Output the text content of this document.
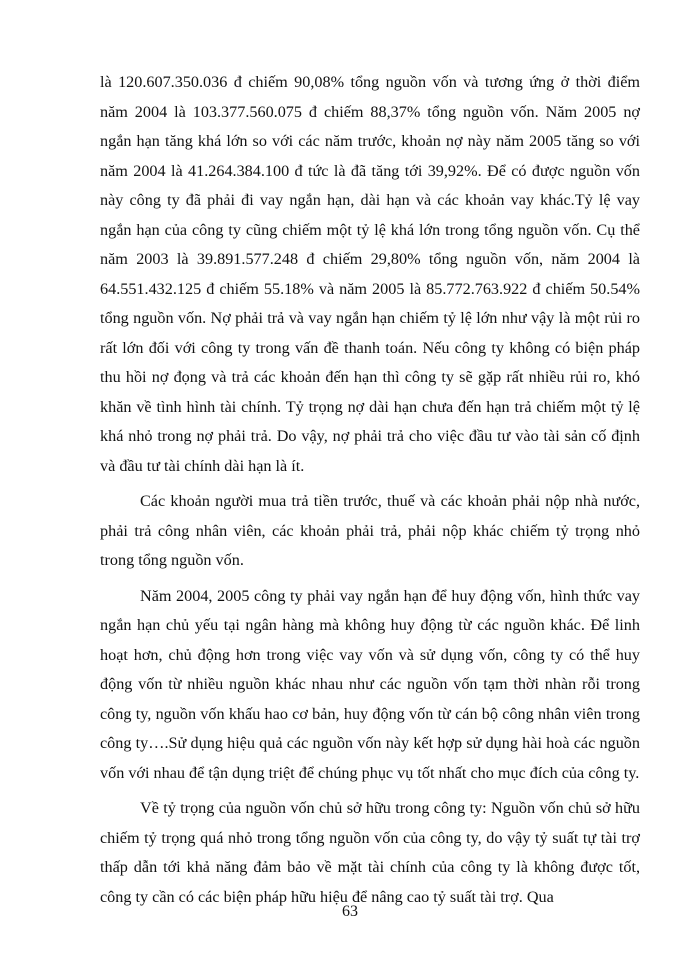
là 120.607.350.036 đ chiếm 90,08% tổng nguồn vốn và tương ứng ở thời điểm năm 2004 là 103.377.560.075 đ chiếm 88,37% tổng nguồn vốn. Năm 2005 nợ ngắn hạn tăng khá lớn so với các năm trước, khoản nợ này năm 2005 tăng so với năm 2004 là 41.264.384.100 đ tức là đã tăng tới 39,92%. Để có được nguồn vốn này công ty đã phải đi vay ngắn hạn, dài hạn và các khoản vay khác.Tỷ lệ vay ngắn hạn của công ty cũng chiếm một tỷ lệ khá lớn trong tổng nguồn vốn. Cụ thể năm 2003 là 39.891.577.248 đ chiếm 29,80% tổng nguồn vốn, năm 2004 là 64.551.432.125 đ chiếm 55.18% và năm 2005 là 85.772.763.922 đ chiếm 50.54% tổng nguồn vốn. Nợ phải trả và vay ngắn hạn chiếm tỷ lệ lớn như vậy là một rủi ro rất lớn đối với công ty trong vấn đề thanh toán. Nếu công ty không có biện pháp thu hồi nợ đọng và trả các khoản đến hạn thì công ty sẽ gặp rất nhiều rủi ro, khó khăn về tình hình tài chính. Tỷ trọng nợ dài hạn chưa đến hạn trả chiếm một tỷ lệ khá nhỏ trong nợ phải trả. Do vậy, nợ phải trả cho việc đầu tư vào tài sản cố định và đầu tư tài chính dài hạn là ít.

Các khoản người mua trả tiền trước, thuế và các khoản phải nộp nhà nước, phải trả công nhân viên, các khoản phải trả, phải nộp khác chiếm tỷ trọng nhỏ trong tổng nguồn vốn.

Năm 2004, 2005 công ty phải vay ngắn hạn để huy động vốn, hình thức vay ngắn hạn chủ yếu tại ngân hàng mà không huy động từ các nguồn khác. Để linh hoạt hơn, chủ động hơn trong việc vay vốn và sử dụng vốn, công ty có thể huy động vốn từ nhiều nguồn khác nhau như các nguồn vốn tạm thời nhàn rỗi trong công ty, nguồn vốn khấu hao cơ bản, huy động vốn từ cán bộ công nhân viên trong công ty….Sử dụng hiệu quả các nguồn vốn này kết hợp sử dụng hài hoà các nguồn vốn với nhau để tận dụng triệt để chúng phục vụ tốt nhất cho mục đích của công ty.

Về tỷ trọng của nguồn vốn chủ sở hữu trong công ty: Nguồn vốn chủ sở hữu chiếm tỷ trọng quá nhỏ trong tổng nguồn vốn của công ty, do vậy tỷ suất tự tài trợ thấp dẫn tới khả năng đảm bảo về mặt tài chính của công ty là không được tốt, công ty cần có các biện pháp hữu hiệu để nâng cao tỷ suất tài trợ. Qua

63
